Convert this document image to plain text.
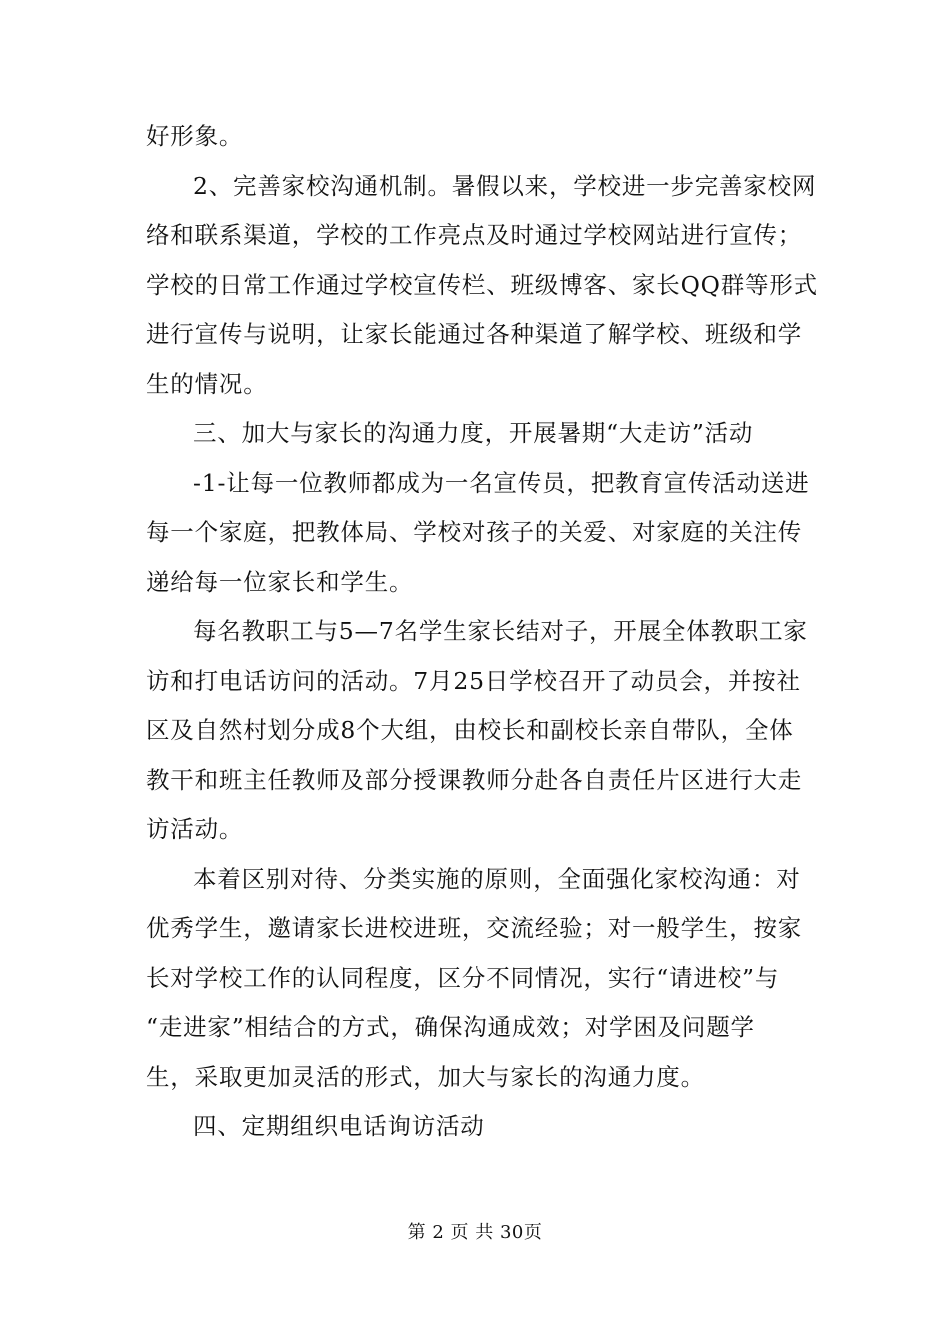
好形象。
2、完善家校沟通机制。暑假以来，学校进一步完善家校网
络和联系渠道，学校的工作亮点及时通过学校网站进行宣传；
学校的日常工作通过学校宣传栏、班级博客、家长QQ群等形式
进行宣传与说明，让家长能通过各种渠道了解学校、班级和学
生的情况。
三、加大与家长的沟通力度，开展暑期“大走访”活动
-1-让每一位教师都成为一名宣传员，把教育宣传活动送进
每一个家庭，把教体局、学校对孩子的关爱、对家庭的关注传
递给每一位家长和学生。
每名教职工与5—7名学生家长结对子，开展全体教职工家
访和打电话访问的活动。7月25日学校召开了动员会，并按社
区及自然村划分成8个大组，由校长和副校长亲自带队，全体
教干和班主任教师及部分授课教师分赴各自责任片区进行大走
访活动。
本着区别对待、分类实施的原则，全面强化家校沟通：对
优秀学生，邀请家长进校进班，交流经验；对一般学生，按家
长对学校工作的认同程度，区分不同情况，实行“请进校”与
“走进家”相结合的方式，确保沟通成效；对学困及问题学
生，采取更加灵活的形式，加大与家长的沟通力度。
四、定期组织电话询访活动
第 2 页 共 30页
